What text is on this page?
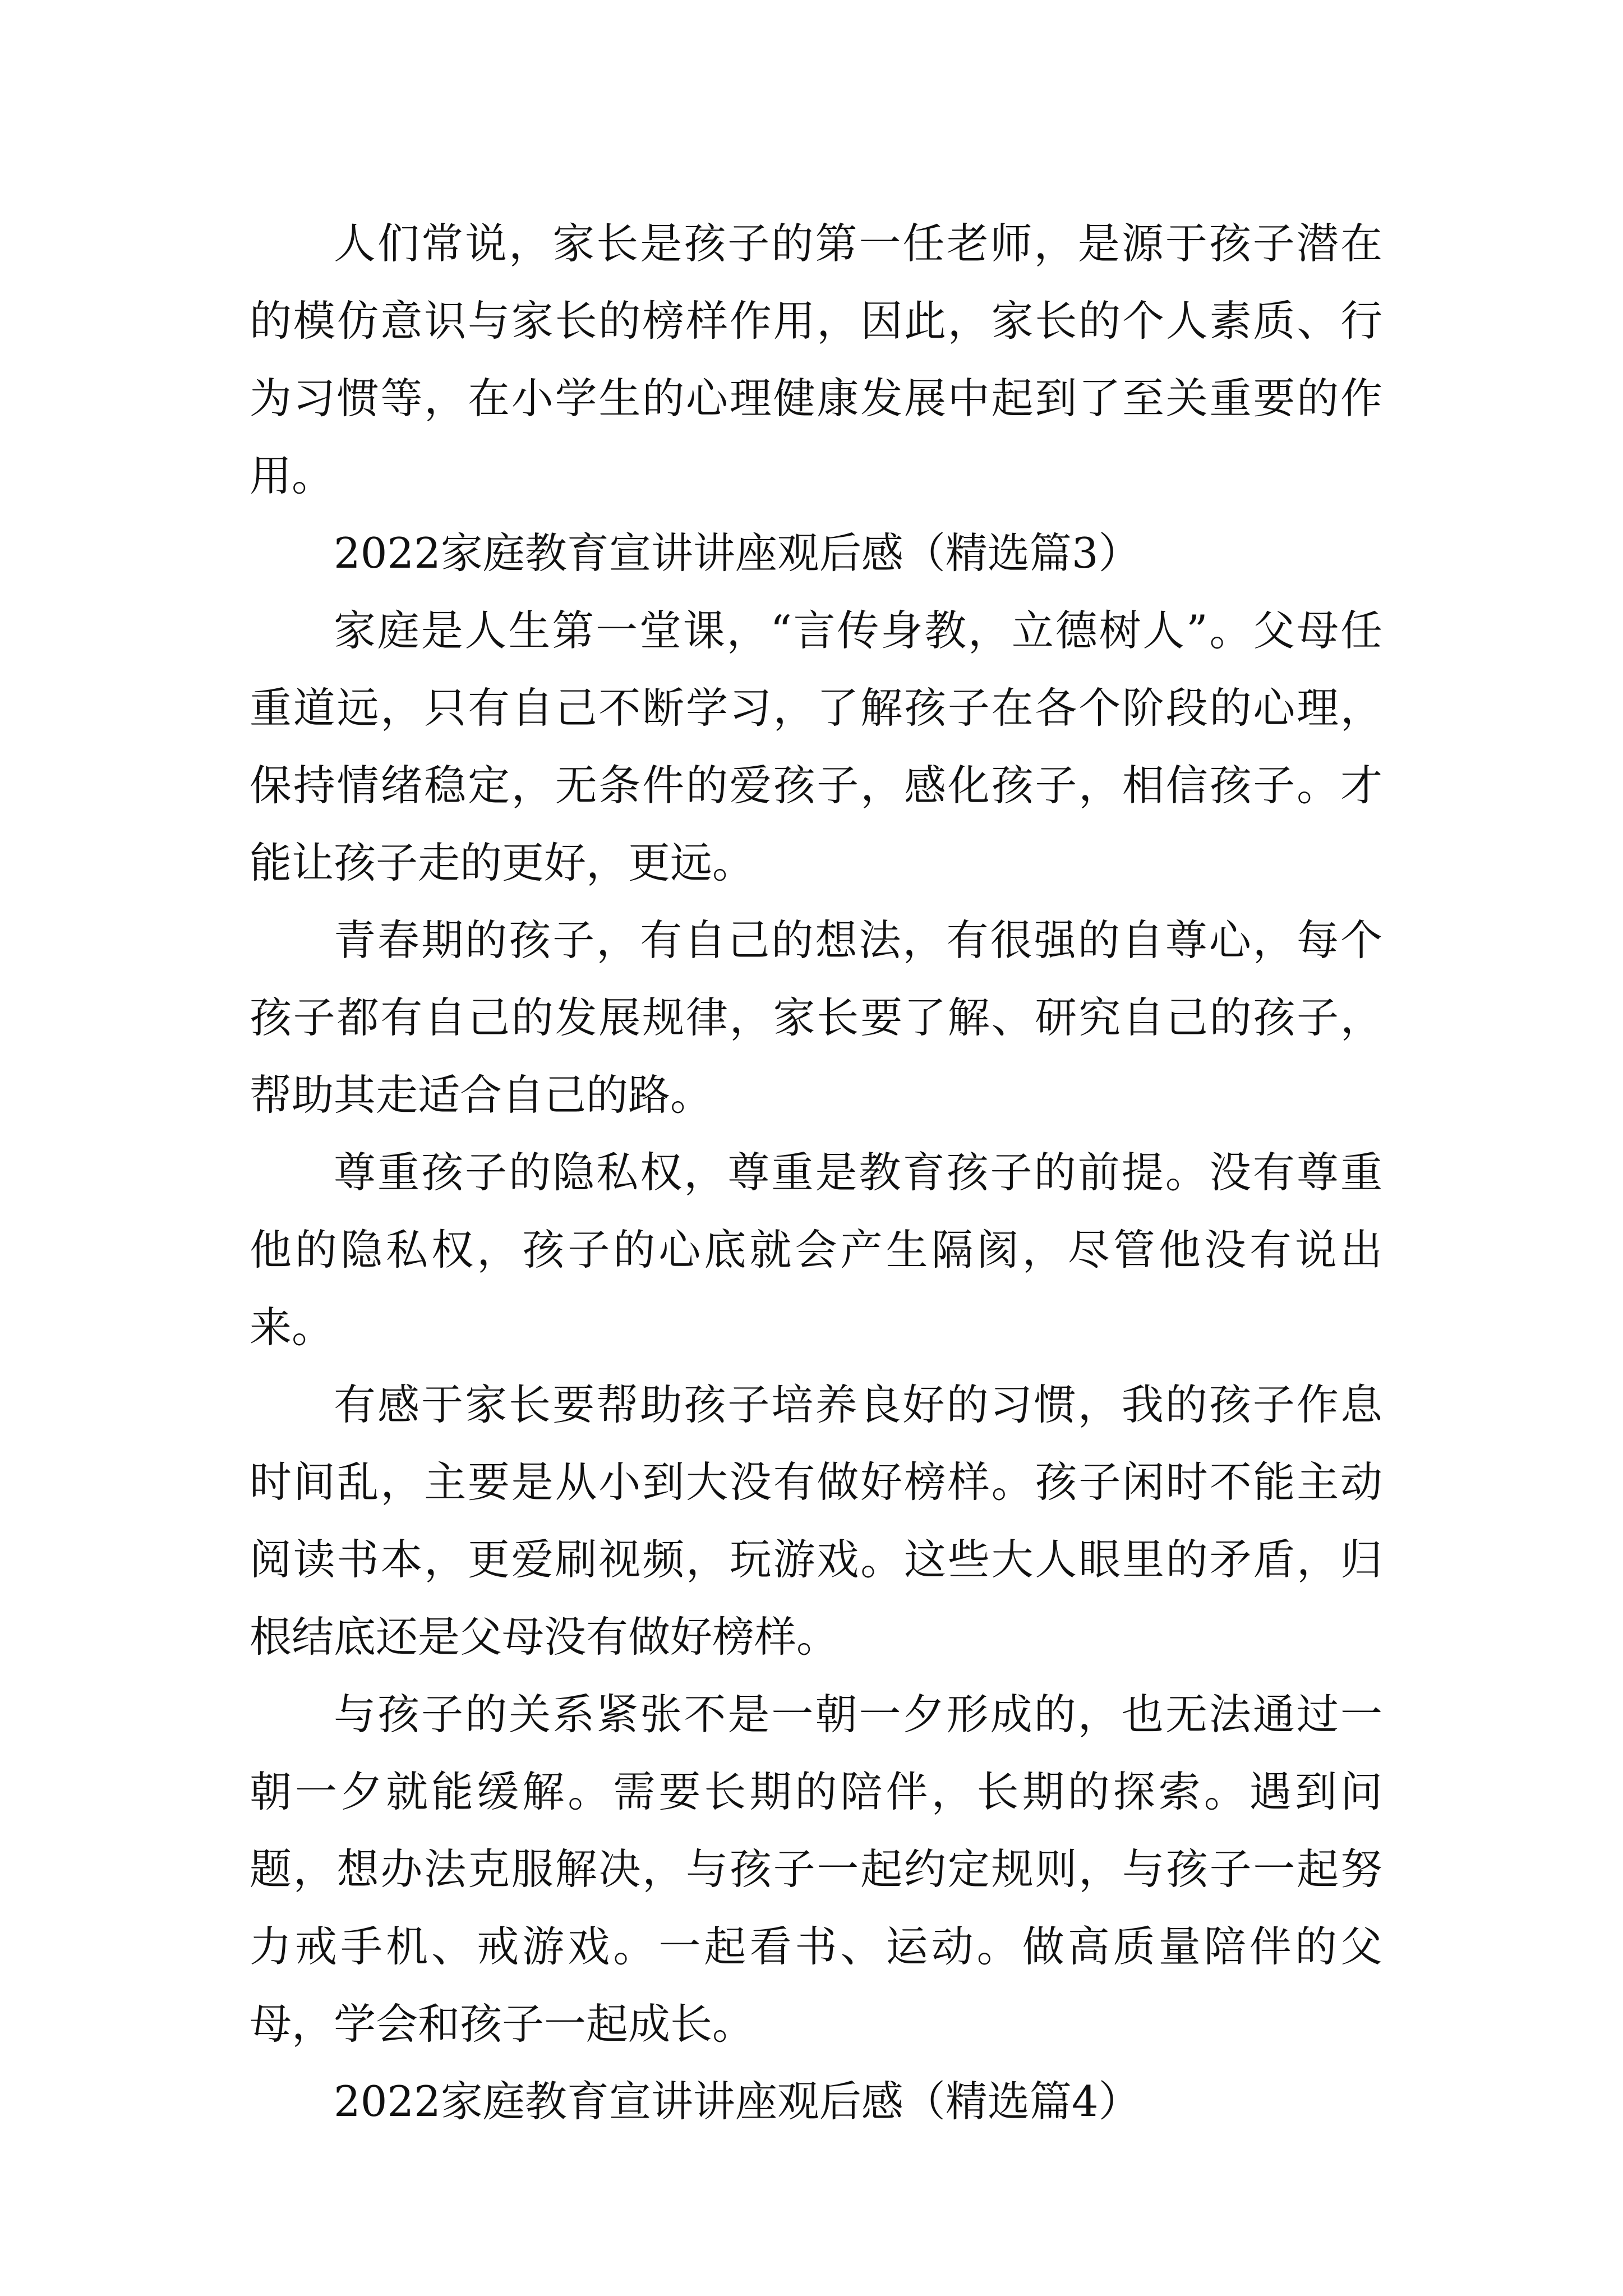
人们常说，家长是孩子的第一任老师，是源于孩子潜在的模仿意识与家长的榜样作用，因此，家长的个人素质、行为习惯等，在小学生的心理健康发展中起到了至关重要的作用。

2022家庭教育宣讲讲座观后感（精选篇3）

家庭是人生第一堂课，“言传身教，立德树人”。父母任重道远，只有自己不断学习，了解孩子在各个阶段的心理，保持情绪稳定，无条件的爱孩子，感化孩子，相信孩子。才能让孩子走的更好，更远。

青春期的孩子，有自己的想法，有很强的自尊心，每个孩子都有自己的发展规律，家长要了解、研究自己的孩子，帮助其走适合自己的路。

尊重孩子的隐私权，尊重是教育孩子的前提。没有尊重他的隐私权，孩子的心底就会产生隔阂，尽管他没有说出来。

有感于家长要帮助孩子培养良好的习惯，我的孩子作息时间乱，主要是从小到大没有做好榜样。孩子闲时不能主动阅读书本，更爱刷视频，玩游戏。这些大人眼里的矛盾，归根结底还是父母没有做好榜样。

与孩子的关系紧张不是一朝一夕形成的，也无法通过一朝一夕就能缓解。需要长期的陪伴，长期的探索。遇到问题，想办法克服解决，与孩子一起约定规则，与孩子一起努力戒手机、戒游戏。一起看书、运动。做高质量陪伴的父母，学会和孩子一起成长。

2022家庭教育宣讲讲座观后感（精选篇4）
